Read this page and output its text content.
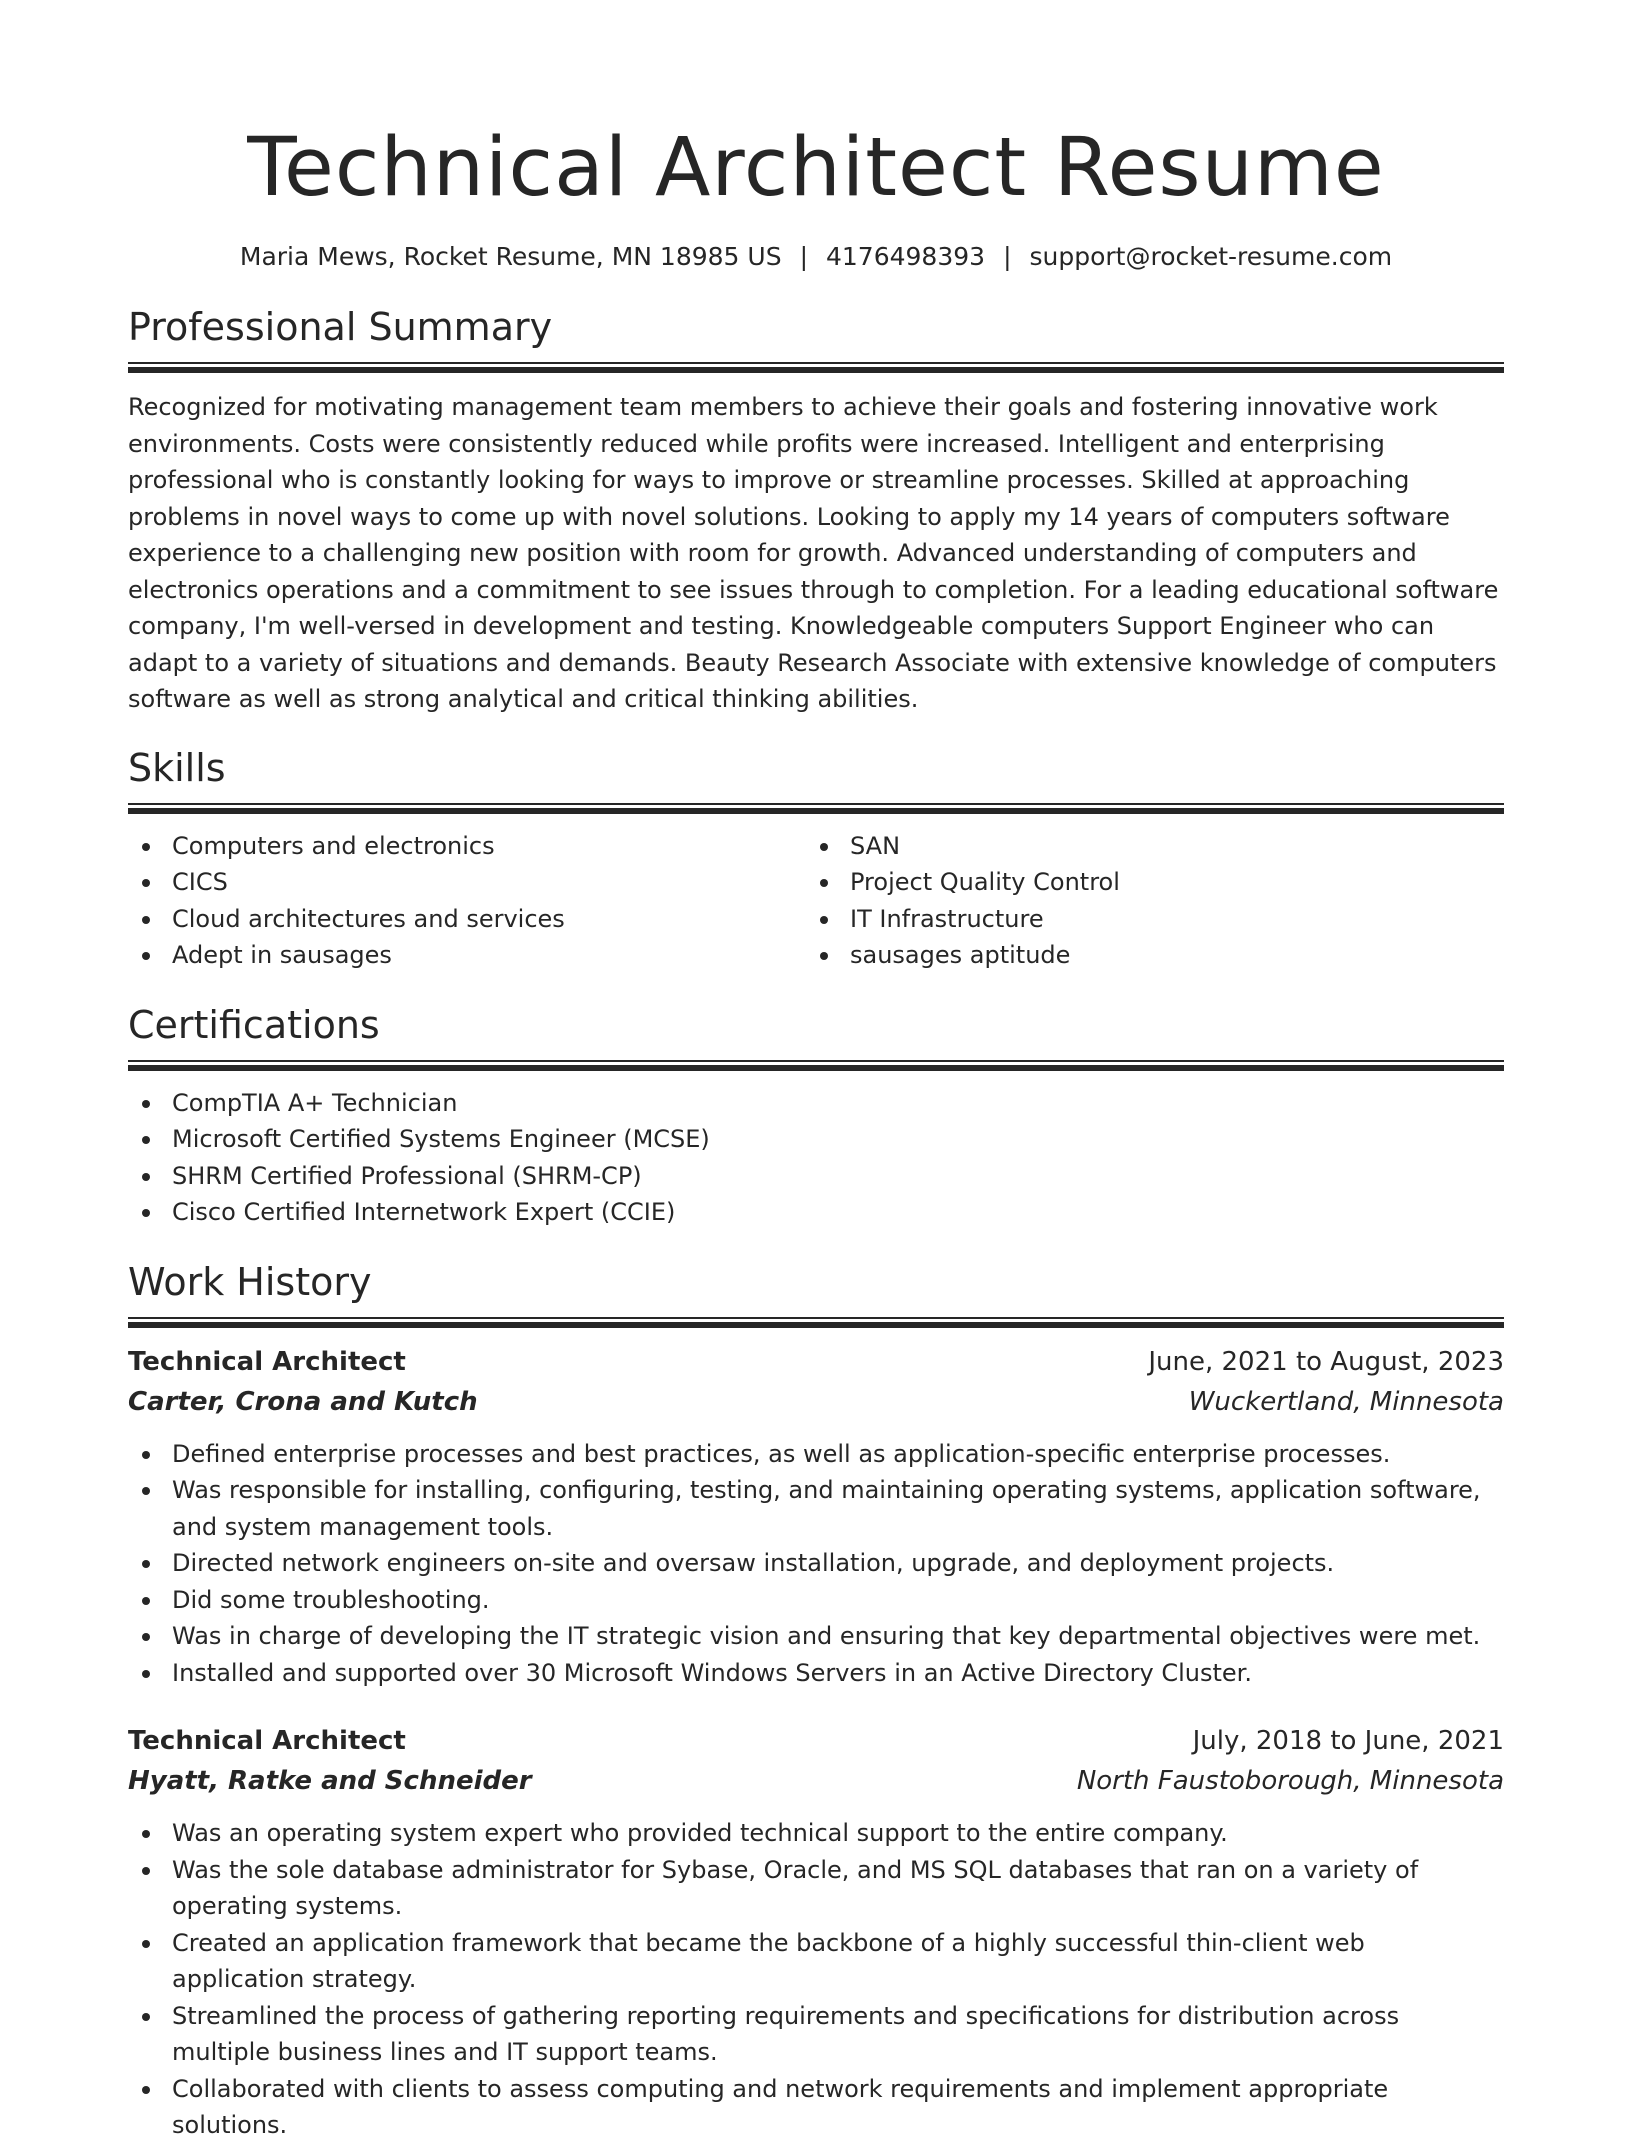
Technical Architect Resume
Maria Mews, Rocket Resume, MN 18985 US | 4176498393 | support@rocket-resume.com
Professional Summary

Recognized for motivating management team members to achieve their goals and fostering innovative work environments. Costs were consistently reduced while profits were increased. Intelligent and enterprising professional who is constantly looking for ways to improve or streamline processes. Skilled at approaching problems in novel ways to come up with novel solutions. Looking to apply my 14 years of computers software experience to a challenging new position with room for growth. Advanced understanding of computers and electronics operations and a commitment to see issues through to completion. For a leading educational software company, I'm well-versed in development and testing. Knowledgeable computers Support Engineer who can adapt to a variety of situations and demands. Beauty Research Associate with extensive knowledge of computers software as well as strong analytical and critical thinking abilities.

Skills
Computers and electronics
CICS
Cloud architectures and services
Adept in sausages
SAN
Project Quality Control
IT Infrastructure
sausages aptitude
Certifications
CompTIA A+ Technician
Microsoft Certified Systems Engineer (MCSE)
SHRM Certified Professional (SHRM-CP)
Cisco Certified Internetwork Expert (CCIE)
Work History
Technical Architect	June, 2021 to August, 2023
Carter, Crona and Kutch	Wuckertland, Minnesota
Defined enterprise processes and best practices, as well as application-specific enterprise processes.
Was responsible for installing, configuring, testing, and maintaining operating systems, application software, and system management tools.
Directed network engineers on-site and oversaw installation, upgrade, and deployment projects.
Did some troubleshooting.
Was in charge of developing the IT strategic vision and ensuring that key departmental objectives were met.
Installed and supported over 30 Microsoft Windows Servers in an Active Directory Cluster.
Technical Architect	July, 2018 to June, 2021
Hyatt, Ratke and Schneider	North Faustoborough, Minnesota
Was an operating system expert who provided technical support to the entire company.
Was the sole database administrator for Sybase, Oracle, and MS SQL databases that ran on a variety of operating systems.
Created an application framework that became the backbone of a highly successful thin-client web application strategy.
Streamlined the process of gathering reporting requirements and specifications for distribution across multiple business lines and IT support teams.
Collaborated with clients to assess computing and network requirements and implement appropriate solutions.
